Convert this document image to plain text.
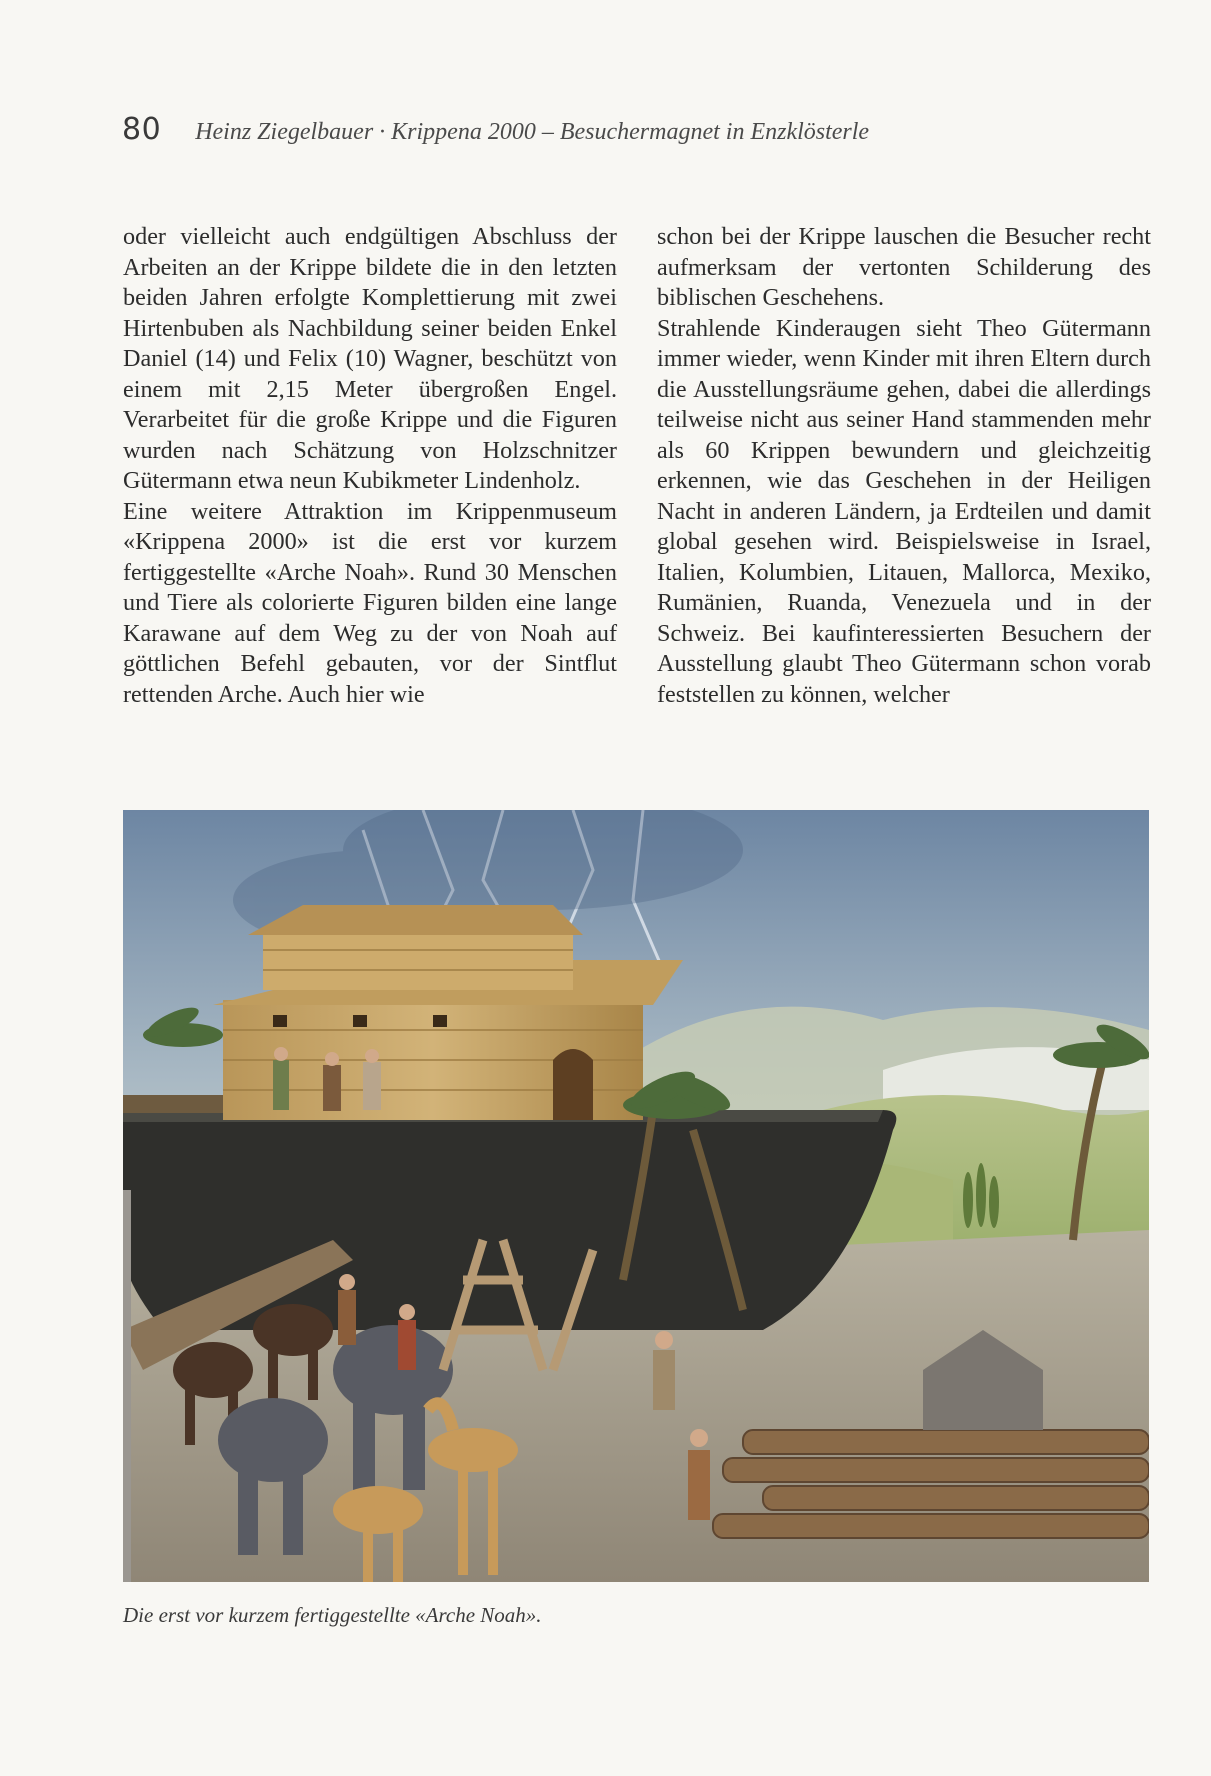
80 Heinz Ziegelbauer · Krippena 2000 – Besuchermagnet in Enzklösterle

oder vielleicht auch endgültigen Abschluss der Arbeiten an der Krippe bildete die in den letzten beiden Jahren erfolgte Komplettierung mit zwei Hirtenbuben als Nachbildung seiner beiden Enkel Daniel (14) und Felix (10) Wagner, beschützt von einem mit 2,15 Meter übergroßen Engel. Verarbeitet für die große Krippe und die Figuren wurden nach Schätzung von Holzschnitzer Gütermann etwa neun Kubikmeter Lindenholz.

Eine weitere Attraktion im Krippenmuseum «Krippena 2000» ist die erst vor kurzem fertiggestellte «Arche Noah». Rund 30 Menschen und Tiere als colorierte Figuren bilden eine lange Karawane auf dem Weg zu der von Noah auf göttlichen Befehl gebauten, vor der Sintflut rettenden Arche. Auch hier wie

schon bei der Krippe lauschen die Besucher recht aufmerksam der vertonten Schilderung des biblischen Geschehens.

Strahlende Kinderaugen sieht Theo Gütermann immer wieder, wenn Kinder mit ihren Eltern durch die Ausstellungsräume gehen, dabei die allerdings teilweise nicht aus seiner Hand stammenden mehr als 60 Krippen bewundern und gleichzeitig erkennen, wie das Geschehen in der Heiligen Nacht in anderen Ländern, ja Erdteilen und damit global gesehen wird. Beispielsweise in Israel, Italien, Kolumbien, Litauen, Mallorca, Mexiko, Rumänien, Ruanda, Venezuela und in der Schweiz. Bei kaufinteressierten Besuchern der Ausstellung glaubt Theo Gütermann schon vorab feststellen zu können, welcher

Die erst vor kurzem fertiggestellte «Arche Noah».
